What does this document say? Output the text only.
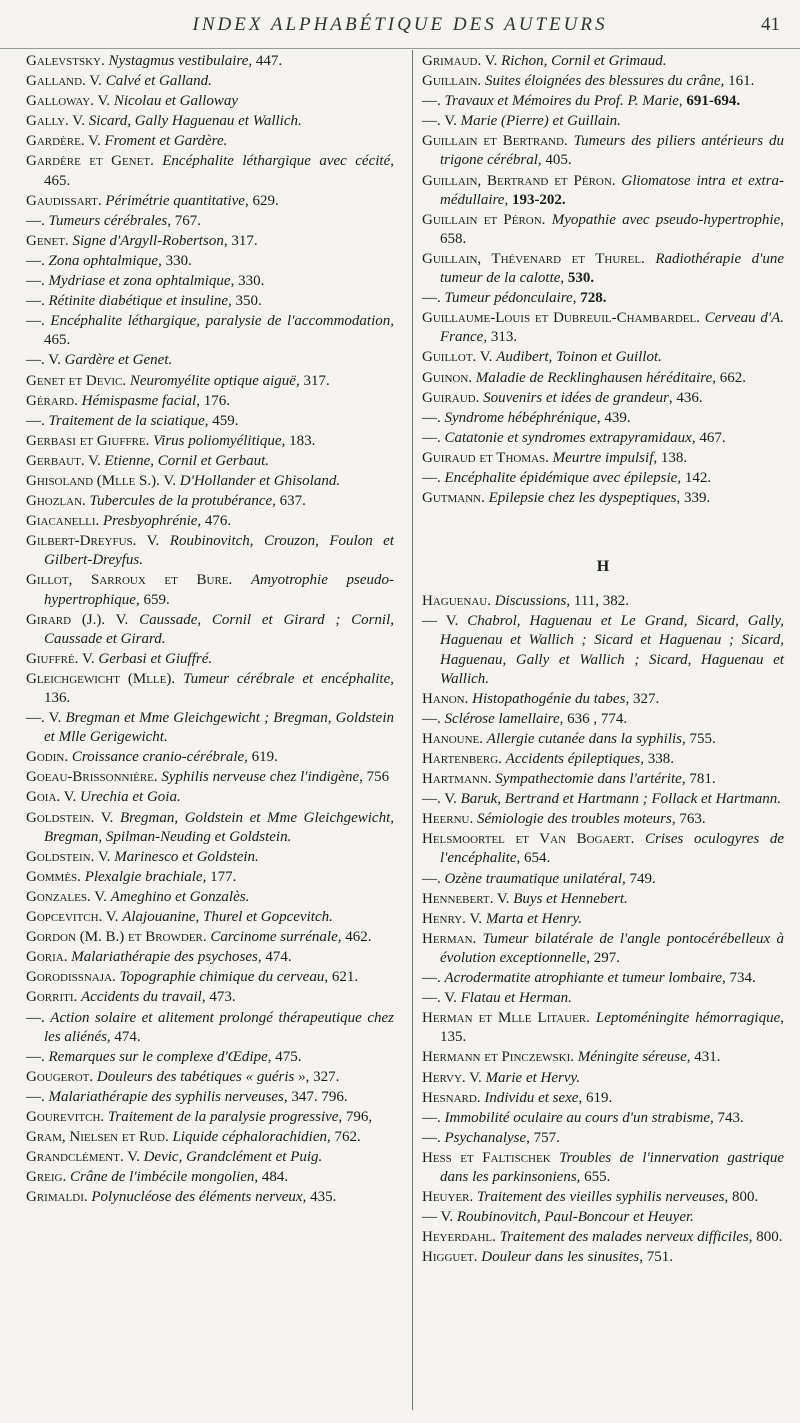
INDEX ALPHABÉTIQUE DES AUTEURS	41
Galevstsky. Nystagmus vestibulaire, 447.
Galland. V. Calvé et Galland.
Galloway. V. Nicolau et Galloway
Gally. V. Sicard, Gally Haguenau et Wallich.
Gardère. V. Froment et Gardère.
Gardère et Genet. Encéphalite léthargique avec cécité, 465.
Gaudissart. Périmétrie quantitative, 629.
—. Tumeurs cérébrales, 767.
Genet. Signe d'Argyll-Robertson, 317.
—. Zona ophtalmique, 330.
—. Mydriase et zona ophtalmique, 330.
—. Rétinite diabétique et insuline, 350.
—. Encéphalite léthargique, paralysie de l'accommodation, 465.
—. V. Gardère et Genet.
Genet et Devic. Neuromyélite optique aiguë, 317.
Gérard. Hémispasme facial, 176.
—. Traitement de la sciatique, 459.
Gerbasi et Giuffre. Virus poliomyélitique, 183.
Gerbaut. V. Etienne, Cornil et Gerbaut.
Ghisoland (Mlle S.). V. D'Hollander et Ghisoland.
Ghozlan. Tubercules de la protubérance, 637.
Giacanelli. Presbyophrénie, 476.
Gilbert-Dreyfus. V. Roubinovitch, Crouzon, Foulon et Gilbert-Dreyfus.
Gillot, Sarroux et Bure. Amyotrophie pseudo-hypertrophique, 659.
Girard (J.). V. Caussade, Cornil et Girard ; Cornil, Caussade et Girard.
Giuffré. V. Gerbasi et Giuffré.
Gleichgewicht (Mlle). Tumeur cérébrale et encéphalite, 136.
—. V. Bregman et Mme Gleichgewicht ; Bregman, Goldstein et Mlle Gerigewicht.
Godin. Croissance cranio-cérébrale, 619.
Goeau-Brissonnière. Syphilis nerveuse chez l'indigène, 756
Goia. V. Urechia et Goia.
Goldstein. V. Bregman, Goldstein et Mme Gleichgewicht, Bregman, Spilman-Neuding et Goldstein.
Goldstein. V. Marinesco et Goldstein.
Gommès. Plexalgie brachiale, 177.
Gonzales. V. Ameghino et Gonzalès.
Gopcevitch. V. Alajouanine, Thurel et Gopcevitch.
Gordon (M. B.) et Browder. Carcinome surrénale, 462.
Goria. Malariathérapie des psychoses, 474.
Gorodissnaja. Topographie chimique du cerveau, 621.
Gorriti. Accidents du travail, 473.
—. Action solaire et alitement prolongé thérapeutique chez les aliénés, 474.
—. Remarques sur le complexe d'Œdipe, 475.
Gougerot. Douleurs des tabétiques « guéris », 327.
—. Malariathérapie des syphilis nerveuses, 347. 796.
Gourevitch. Traitement de la paralysie progressive, 796,
Gram, Nielsen et Rud. Liquide céphalorachidien, 762.
Grandclément. V. Devic, Grandclément et Puig.
Greig. Crâne de l'imbécile mongolien, 484.
Grimaldi. Polynucléose des éléments nerveux, 435.
Grimaud. V. Richon, Cornil et Grimaud.
Guillain. Suites éloignées des blessures du crâne, 161.
—. Travaux et Mémoires du Prof. P. Marie, 691-694.
—. V. Marie (Pierre) et Guillain.
Guillain et Bertrand. Tumeurs des piliers antérieurs du trigone cérébral, 405.
Guillain, Bertrand et Péron. Gliomatose intra et extra-médullaire, 193-202.
Guillain et Péron. Myopathie avec pseudo-hypertrophie, 658.
Guillain, Thévenard et Thurel. Radiothérapie d'une tumeur de la calotte, 530.
—. Tumeur pédonculaire, 728.
Guillaume-Louis et Dubreuil-Chambardel. Cerveau d'A. France, 313.
Guillot. V. Audibert, Toinon et Guillot.
Guinon. Maladie de Recklinghausen héréditaire, 662.
Guiraud. Souvenirs et idées de grandeur, 436.
—. Syndrome hébéphrénique, 439.
—. Catatonie et syndromes extrapyramidaux, 467.
Guiraud et Thomas. Meurtre impulsif, 138.
—. Encéphalite épidémique avec épilepsie, 142.
Gutmann. Epilepsie chez les dyspeptiques, 339.
H
Haguenau. Discussions, 111, 382.
— V. Chabrol, Haguenau et Le Grand, Sicard, Gally, Haguenau et Wallich ; Sicard et Haguenau ; Sicard, Haguenau, Gally et Wallich ; Sicard, Haguenau et Wallich.
Hanon. Histopathogénie du tabes, 327.
—. Sclérose lamellaire, 636 , 774.
Hanoune. Allergie cutanée dans la syphilis, 755.
Hartenberg. Accidents épileptiques, 338.
Hartmann. Sympathectomie dans l'artérite, 781.
—. V. Baruk, Bertrand et Hartmann ; Follack et Hartmann.
Heernu. Sémiologie des troubles moteurs, 763.
Helsmoortel et Van Bogaert. Crises oculogyres de l'encéphalite, 654.
—. Ozène traumatique unilatéral, 749.
Hennebert. V. Buys et Hennebert.
Henry. V. Marta et Henry.
Herman. Tumeur bilatérale de l'angle pontocérébelleux à évolution exceptionnelle, 297.
—. Acrodermatite atrophiante et tumeur lombaire, 734.
—. V. Flatau et Herman.
Herman et Mlle Litauer. Leptoméningite hémorragique, 135.
Hermann et Pinczewski. Méningite séreuse, 431.
Hervy. V. Marie et Hervy.
Hesnard. Individu et sexe, 619.
—. Immobilité oculaire au cours d'un strabisme, 743.
—. Psychanalyse, 757.
Hess et Faltischek Troubles de l'innervation gastrique dans les parkinsoniens, 655.
Heuyer. Traitement des vieilles syphilis nerveuses, 800.
— V. Roubinovitch, Paul-Boncour et Heuyer.
Heyerdahl. Traitement des malades nerveux difficiles, 800.
Higguet. Douleur dans les sinusites, 751.
